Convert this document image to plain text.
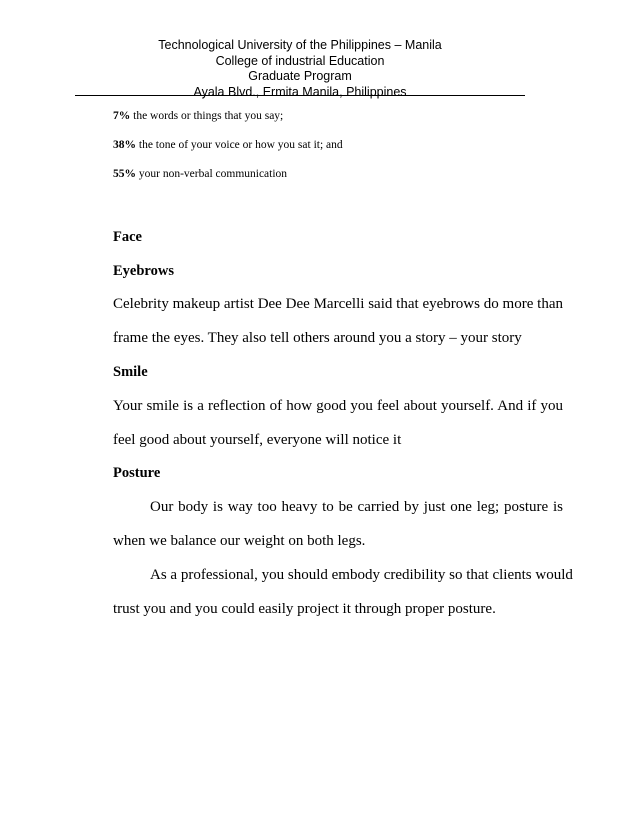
Technological University of the Philippines – Manila
College of industrial Education
Graduate Program
Ayala Blvd., Ermita Manila, Philippines
7% the words or things that you say;
38% the tone of your voice or how you sat it; and
55% your non-verbal communication
Face
Eyebrows
Celebrity makeup artist Dee Dee Marcelli said that eyebrows do more than
frame the eyes. They also tell others around you a story – your story
Smile
Your smile is a reflection of how good you feel about yourself. And if you
feel good about yourself, everyone will notice it
Posture
Our body is way too heavy to be carried by just one leg; posture is
when we balance our weight on both legs.
As a professional, you should embody credibility so that clients would
trust you and you could easily project it through proper posture.
